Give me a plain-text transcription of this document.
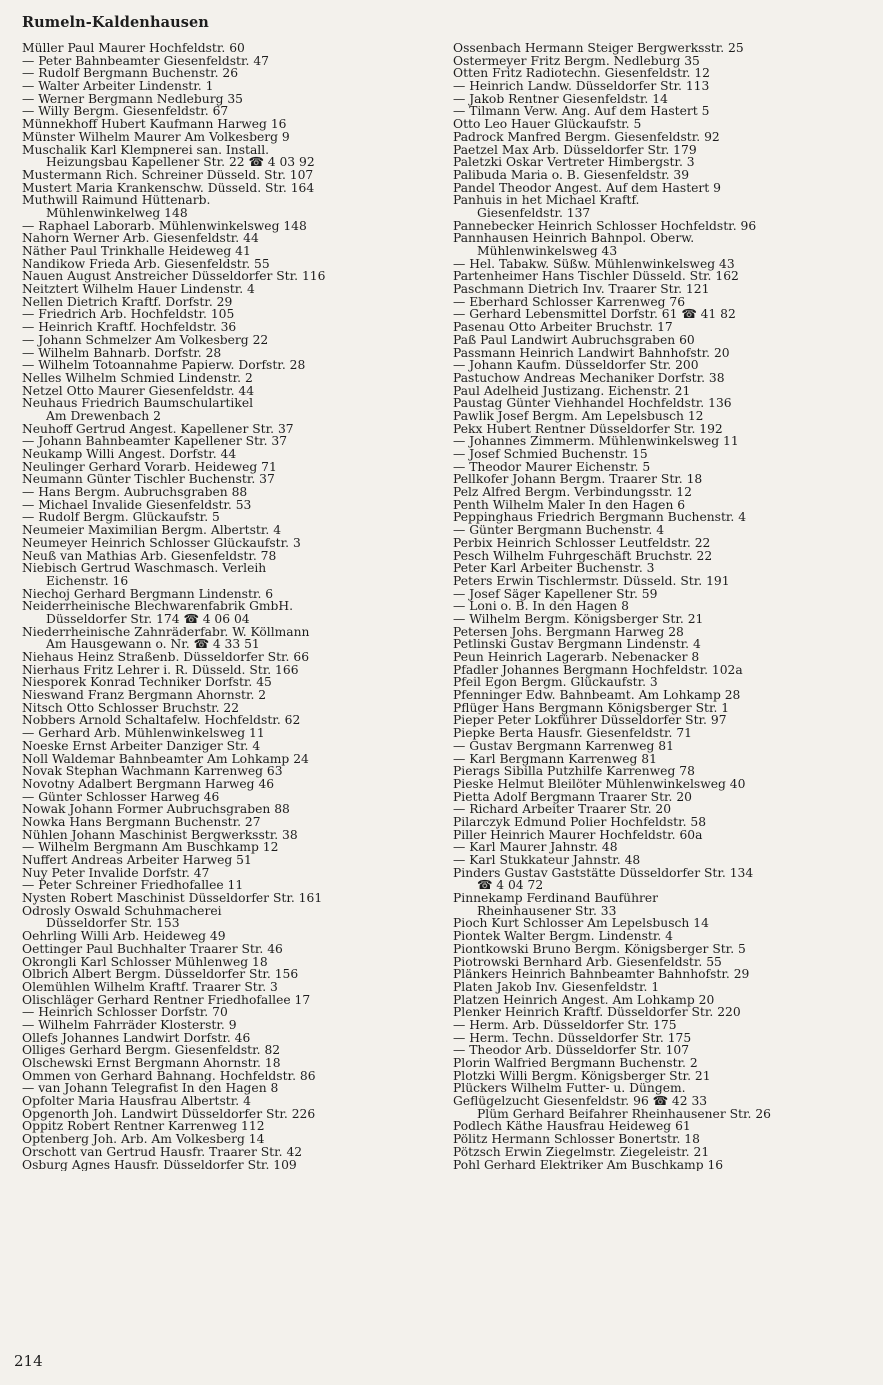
Rumeln-Kaldenhausen
Müller Paul Maurer Hochfeldstr. 60
— Peter Bahnbeamter Giesenfeldstr. 47
— Rudolf Bergmann Buchenstr. 26
— Walter Arbeiter Lindenstr. 1
— Werner Bergmann Nedleburg 35
— Willy Bergm. Giesenfeldstr. 67
Münnekhoff Hubert Kaufmann Harweg 16
Münster Wilhelm Maurer Am Volkesberg 9
Muschalik Karl Klempnerei san. Install.
Heizungsbau Kapellener Str. 22 ☎ 4 03 92
Mustermann Rich. Schreiner Düsseld. Str. 107
Mustert Maria Krankenschw. Düsseld. Str. 164
Muthwill Raimund Hüttenarb.
Mühlenwinkelweg 148
— Raphael Laborarb. Mühlenwinkelsweg 148
Nahorn Werner Arb. Giesenfeldstr. 44
Näther Paul Trinkhalle Heideweg 41
Nandikow Frieda Arb. Giesenfeldstr. 55
Nauen August Anstreicher Düsseldorfer Str. 116
Neitztert Wilhelm Hauer Lindenstr. 4
Nellen Dietrich Kraftf. Dorfstr. 29
— Friedrich Arb. Hochfeldstr. 105
— Heinrich Kraftf. Hochfeldstr. 36
— Johann Schmelzer Am Volkesberg 22
— Wilhelm Bahnarb. Dorfstr. 28
— Wilhelm Totoannahme Papierw. Dorfstr. 28
Nelles Wilhelm Schmied Lindenstr. 2
Netzel Otto Maurer Giesenfeldstr. 44
Neuhaus Friedrich Baumschulartikel
Am Drewenbach 2
Neuhoff Gertrud Angest. Kapellener Str. 37
— Johann Bahnbeamter Kapellener Str. 37
Neukamp Willi Angest. Dorfstr. 44
Neulinger Gerhard Vorarb. Heideweg 71
Neumann Günter Tischler Buchenstr. 37
— Hans Bergm. Aubruchsgraben 88
— Michael Invalide Giesenfeldstr. 53
— Rudolf Bergm. Glückaufstr. 5
Neumeier Maximilian Bergm. Albertstr. 4
Neumeyer Heinrich Schlosser Glückaufstr. 3
Neuß van Mathias Arb. Giesenfeldstr. 78
Niebisch Gertrud Waschmasch. Verleih
Eichenstr. 16
Niechoj Gerhard Bergmann Lindenstr. 6
Neiderrheinische Blechwarenfabrik GmbH.
Düsseldorfer Str. 174 ☎ 4 06 04
Niederrheinische Zahnräderfabr. W. Köllmann
Am Hausgewann o. Nr. ☎ 4 33 51
Niehaus Heinz Straßenb. Düsseldorfer Str. 66
Nierhaus Fritz Lehrer i. R. Düsseld. Str. 166
Niesporek Konrad Techniker Dorfstr. 45
Nieswand Franz Bergmann Ahornstr. 2
Nitsch Otto Schlosser Bruchstr. 22
Nobbers Arnold Schaltafelw. Hochfeldstr. 62
— Gerhard Arb. Mühlenwinkelsweg 11
Noeske Ernst Arbeiter Danziger Str. 4
Noll Waldemar Bahnbeamter Am Lohkamp 24
Novak Stephan Wachmann Karrenweg 63
Novotny Adalbert Bergmann Harweg 46
— Günter Schlosser Harweg 46
Nowak Johann Former Aubruchsgraben 88
Nowka Hans Bergmann Buchenstr. 27
Nühlen Johann Maschinist Bergwerksstr. 38
— Wilhelm Bergmann Am Buschkamp 12
Nuffert Andreas Arbeiter Harweg 51
Nuy Peter Invalide Dorfstr. 47
— Peter Schreiner Friedhofallee 11
Nysten Robert Maschinist Düsseldorfer Str. 161
Odrosly Oswald Schuhmacherei
Düsseldorfer Str. 153
Oehrling Willi Arb. Heideweg 49
Oettinger Paul Buchhalter Traarer Str. 46
Okrongli Karl Schlosser Mühlenweg 18
Olbrich Albert Bergm. Düsseldorfer Str. 156
Olemühlen Wilhelm Kraftf. Traarer Str. 3
Olischläger Gerhard Rentner Friedhofallee 17
— Heinrich Schlosser Dorfstr. 70
— Wilhelm Fahrräder Klosterstr. 9
Ollefs Johannes Landwirt Dorfstr. 46
Olliges Gerhard Bergm. Giesenfeldstr. 82
Olschewski Ernst Bergmann Ahornstr. 18
Ommen von Gerhard Bahnang. Hochfeldstr. 86
— van Johann Telegrafist In den Hagen 8
Opfolter Maria Hausfrau Albertstr. 4
Opgenorth Joh. Landwirt Düsseldorfer Str. 226
Oppitz Robert Rentner Karrenweg 112
Optenberg Joh. Arb. Am Volkesberg 14
Orschott van Gertrud Hausfr. Traarer Str. 42
Osburg Agnes Hausfr. Düsseldorfer Str. 109
Ossenbach Hermann Steiger Bergwerksstr. 25
Ostermeyer Fritz Bergm. Nedleburg 35
Otten Fritz Radiotechn. Giesenfeldstr. 12
— Heinrich Landw. Düsseldorfer Str. 113
— Jakob Rentner Giesenfeldstr. 14
— Tilmann Verw. Ang. Auf dem Hastert 5
Otto Leo Hauer Glückaufstr. 5
Padrock Manfred Bergm. Giesenfeldstr. 92
Paetzel Max Arb. Düsseldorfer Str. 179
Paletzki Oskar Vertreter Himbergstr. 3
Palibuda Maria o. B. Giesenfeldstr. 39
Pandel Theodor Angest. Auf dem Hastert 9
Panhuis in het Michael Kraftf.
Giesenfeldstr. 137
Pannebecker Heinrich Schlosser Hochfeldstr. 96
Pannhausen Heinrich Bahnpol. Oberw.
Mühlenwinkelsweg 43
— Hel. Tabakw. Süßw. Mühlenwinkelsweg 43
Partenheimer Hans Tischler Düsseld. Str. 162
Paschmann Dietrich Inv. Traarer Str. 121
— Eberhard Schlosser Karrenweg 76
— Gerhard Lebensmittel Dorfstr. 61 ☎ 41 82
Pasenau Otto Arbeiter Bruchstr. 17
Paß Paul Landwirt Aubruchsgraben 60
Passmann Heinrich Landwirt Bahnhofstr. 20
— Johann Kaufm. Düsseldorfer Str. 200
Pastuchow Andreas Mechaniker Dorfstr. 38
Paul Adelheid Justizang. Eichenstr. 21
Paustag Günter Viehhandel Hochfeldstr. 136
Pawlik Josef Bergm. Am Lepelsbusch 12
Pekx Hubert Rentner Düsseldorfer Str. 192
— Johannes Zimmerm. Mühlenwinkelsweg 11
— Josef Schmied Buchenstr. 15
— Theodor Maurer Eichenstr. 5
Pellkofer Johann Bergm. Traarer Str. 18
Pelz Alfred Bergm. Verbindungsstr. 12
Penth Wilhelm Maler In den Hagen 6
Peppinghaus Friedrich Bergmann Buchenstr. 4
— Günter Bergmann Buchenstr. 4
Perbix Heinrich Schlosser Leutfeldstr. 22
Pesch Wilhelm Fuhrgeschäft Bruchstr. 22
Peter Karl Arbeiter Buchenstr. 3
Peters Erwin Tischlermstr. Düsseld. Str. 191
— Josef Säger Kapellener Str. 59
— Loni o. B. In den Hagen 8
— Wilhelm Bergm. Königsberger Str. 21
Petersen Johs. Bergmann Harweg 28
Petlinski Gustav Bergmann Lindenstr. 4
Peun Heinrich Lagerarb. Nebenacker 8
Pfadler Johannes Bergmann Hochfeldstr. 102a
Pfeil Egon Bergm. Glückaufstr. 3
Pfenninger Edw. Bahnbeamt. Am Lohkamp 28
Pflüger Hans Bergmann Königsberger Str. 1
Pieper Peter Lokführer Düsseldorfer Str. 97
Piepke Berta Hausfr. Giesenfeldstr. 71
— Gustav Bergmann Karrenweg 81
— Karl Bergmann Karrenweg 81
Pierags Sibilla Putzhilfe Karrenweg 78
Pieske Helmut Bleilöter Mühlenwinkelsweg 40
Pietta Adolf Bergmann Traarer Str. 20
— Richard Arbeiter Traarer Str. 20
Pilarczyk Edmund Polier Hochfeldstr. 58
Piller Heinrich Maurer Hochfeldstr. 60a
— Karl Maurer Jahnstr. 48
— Karl Stukkateur Jahnstr. 48
Pinders Gustav Gaststätte Düsseldorfer Str. 134
☎ 4 04 72
Pinnekamp Ferdinand Bauführer
Rheinhausener Str. 33
Pioch Kurt Schlosser Am Lepelsbusch 14
Piontek Walter Bergm. Lindenstr. 4
Piontkowski Bruno Bergm. Königsberger Str. 5
Piotrowski Bernhard Arb. Giesenfeldstr. 55
Plänkers Heinrich Bahnbeamter Bahnhofstr. 29
Platen Jakob Inv. Giesenfeldstr. 1
Platzen Heinrich Angest. Am Lohkamp 20
Plenker Heinrich Kraftf. Düsseldorfer Str. 220
— Herm. Arb. Düsseldorfer Str. 175
— Herm. Techn. Düsseldorfer Str. 175
— Theodor Arb. Düsseldorfer Str. 107
Plorin Walfried Bergmann Buchenstr. 2
Plotzki Willi Bergm. Königsberger Str. 21
Plückers Wilhelm Futter- u. Düngem.
Geflügelzucht Giesenfeldstr. 96 ☎ 42 33
Plüm Gerhard Beifahrer Rheinhausener Str. 26
Podlech Käthe Hausfrau Heideweg 61
Pölitz Hermann Schlosser Bonertstr. 18
Pötzsch Erwin Ziegelmstr. Ziegeleistr. 21
Pohl Gerhard Elektriker Am Buschkamp 16
214
